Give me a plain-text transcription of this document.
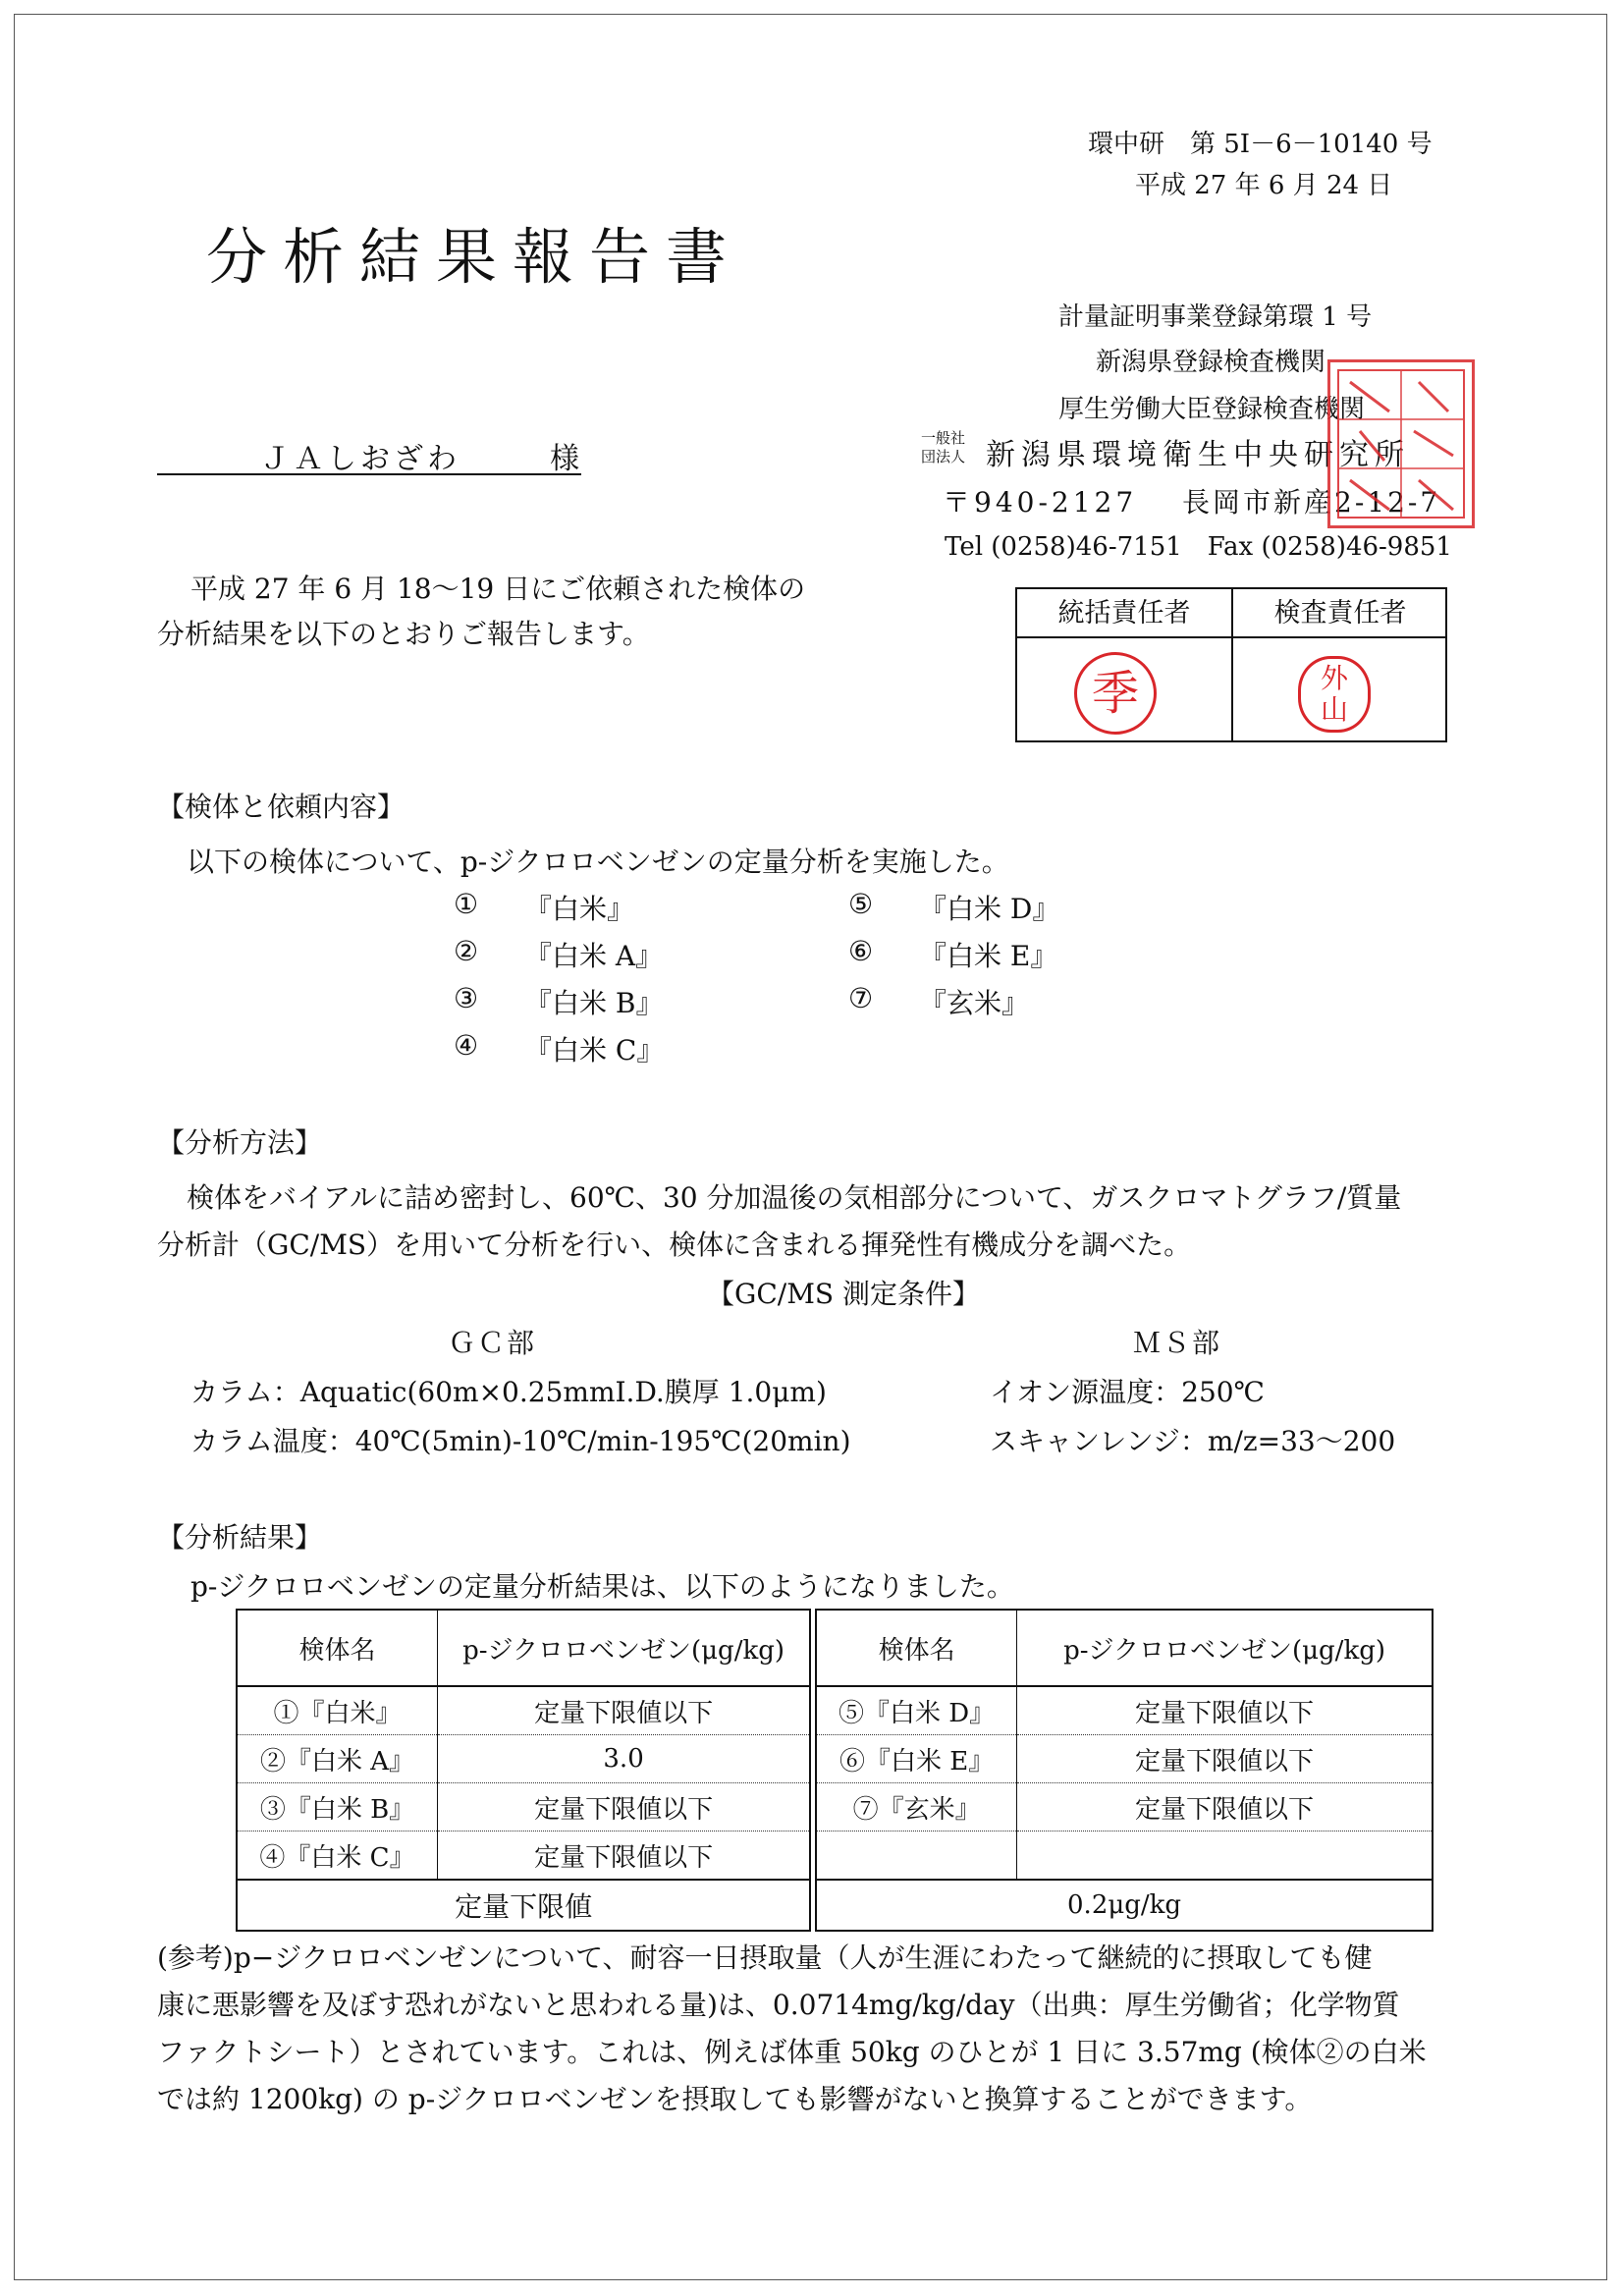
環中研　第 5I－6－10140 号
平成 27 年 6 月 24 日
分析結果報告書
計量証明事業登録第環 1 号
新潟県登録検査機関
厚生労働大臣登録検査機関
一般社
団法人 新潟県環境衛生中央研究所
〒940-2127 長岡市新産2-12-7
Tel (0258)46-7151　Fax (0258)46-9851
ＪＡしおざわ	様
平成 27 年 6 月 18～19 日にご依頼された検体の
分析結果を以下のとおりご報告します。
統括責任者	検査責任者
季	外
山
【検体と依頼内容】
以下の検体について、p-ジクロロベンゼンの定量分析を実施した。
① 『白米』
② 『白米 A』
③ 『白米 B』
④ 『白米 C』
⑤ 『白米 D』
⑥ 『白米 E』
⑦ 『玄米』
【分析方法】
検体をバイアルに詰め密封し、60℃、30 分加温後の気相部分について、ガスクロマトグラフ/質量
分析計（GC/MS）を用いて分析を行い、検体に含まれる揮発性有機成分を調べた。
【GC/MS 測定条件】
ＧＣ部	ＭＳ部
カラム：Aquatic(60m×0.25mmI.D.膜厚 1.0μm)
カラム温度：40℃(5min)-10℃/min-195℃(20min)
イオン源温度：250℃
スキャンレンジ：m/z=33～200
【分析結果】
p-ジクロロベンゼンの定量分析結果は、以下のようになりました。
検体名	p-ジクロロベンゼン(μg/kg)		検体名	p-ジクロロベンゼン(μg/kg)
①『白米』	定量下限値以下		⑤『白米 D』	定量下限値以下
②『白米 A』	3.0		⑥『白米 E』	定量下限値以下
③『白米 B』	定量下限値以下		⑦『玄米』	定量下限値以下
④『白米 C』	定量下限値以下			
定量下限値			0.2μg/kg	
(参考)p−ジクロロベンゼンについて、耐容一日摂取量（人が生涯にわたって継続的に摂取しても健
康に悪影響を及ぼす恐れがないと思われる量)は、0.0714mg/kg/day（出典：厚生労働省；化学物質
ファクトシート）とされています。これは、例えば体重 50kg のひとが 1 日に 3.57mg (検体②の白米
では約 1200kg) の p-ジクロロベンゼンを摂取しても影響がないと換算することができます。
